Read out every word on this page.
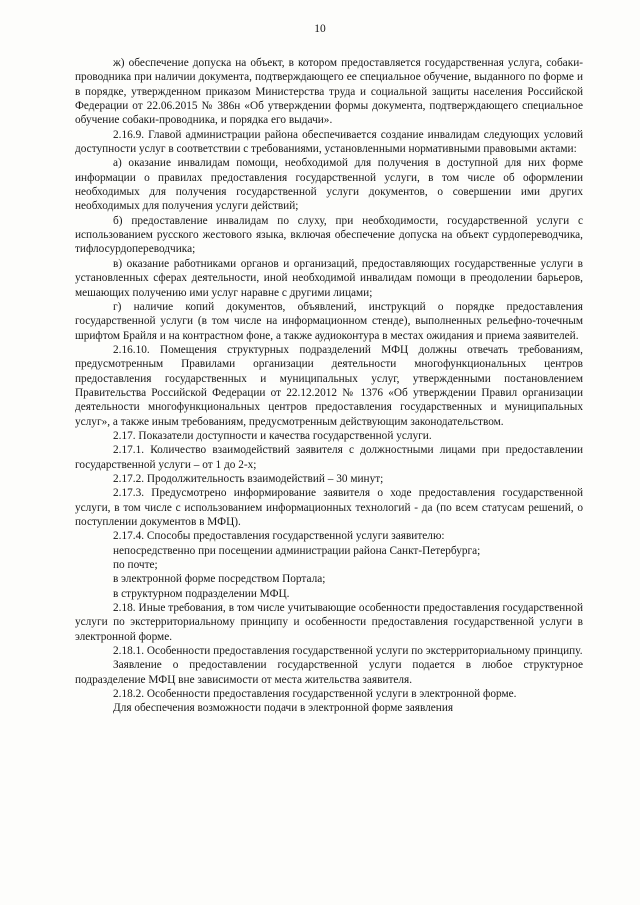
10

ж) обеспечение допуска на объект, в котором предоставляется государственная услуга, собаки-проводника при наличии документа, подтверждающего ее специальное обучение, выданного по форме и в порядке, утвержденном приказом Министерства труда и социальной защиты населения Российской Федерации от 22.06.2015 № 386н «Об утверждении формы документа, подтверждающего специальное обучение собаки-проводника, и порядка его выдачи».

2.16.9. Главой администрации района обеспечивается создание инвалидам следующих условий доступности услуг в соответствии с требованиями, установленными нормативными правовыми актами:

а) оказание инвалидам помощи, необходимой для получения в доступной для них форме информации о правилах предоставления государственной услуги, в том числе об оформлении необходимых для получения государственной услуги документов, о совершении ими других необходимых для получения услуги действий;

б) предоставление инвалидам по слуху, при необходимости, государственной услуги с использованием русского жестового языка, включая обеспечение допуска на объект сурдопереводчика, тифлосурдопереводчика;

в) оказание работниками органов и организаций, предоставляющих государственные услуги в установленных сферах деятельности, иной необходимой инвалидам помощи в преодолении барьеров, мешающих получению ими услуг наравне с другими лицами;

г) наличие копий документов, объявлений, инструкций о порядке предоставления государственной услуги (в том числе на информационном стенде), выполненных рельефно-точечным шрифтом Брайля и на контрастном фоне, а также аудиоконтура в местах ожидания и приема заявителей.

2.16.10. Помещения структурных подразделений МФЦ должны отвечать требованиям, предусмотренным Правилами организации деятельности многофункциональных центров предоставления государственных и муниципальных услуг, утвержденными постановлением Правительства Российской Федерации от 22.12.2012 № 1376 «Об утверждении Правил организации деятельности многофункциональных центров предоставления государственных и муниципальных услуг», а также иным требованиям, предусмотренным действующим законодательством.

2.17. Показатели доступности и качества государственной услуги.

2.17.1. Количество взаимодействий заявителя с должностными лицами при предоставлении государственной услуги – от 1 до 2-х;

2.17.2. Продолжительность взаимодействий – 30 минут;

2.17.3. Предусмотрено информирование заявителя о ходе предоставления государственной услуги, в том числе с использованием информационных технологий - да (по всем статусам решений, о поступлении документов в МФЦ).

2.17.4. Способы предоставления государственной услуги заявителю:

непосредственно при посещении администрации района Санкт-Петербурга;

по почте;

в электронной форме посредством Портала;

в структурном подразделении МФЦ.

2.18. Иные требования, в том числе учитывающие особенности предоставления государственной услуги по экстерриториальному принципу и особенности предоставления государственной услуги в электронной форме.

2.18.1. Особенности предоставления государственной услуги по экстерриториальному принципу.

Заявление о предоставлении государственной услуги подается в любое структурное подразделение МФЦ вне зависимости от места жительства заявителя.

2.18.2. Особенности предоставления государственной услуги в электронной форме.

Для обеспечения возможности подачи в электронной форме заявления
